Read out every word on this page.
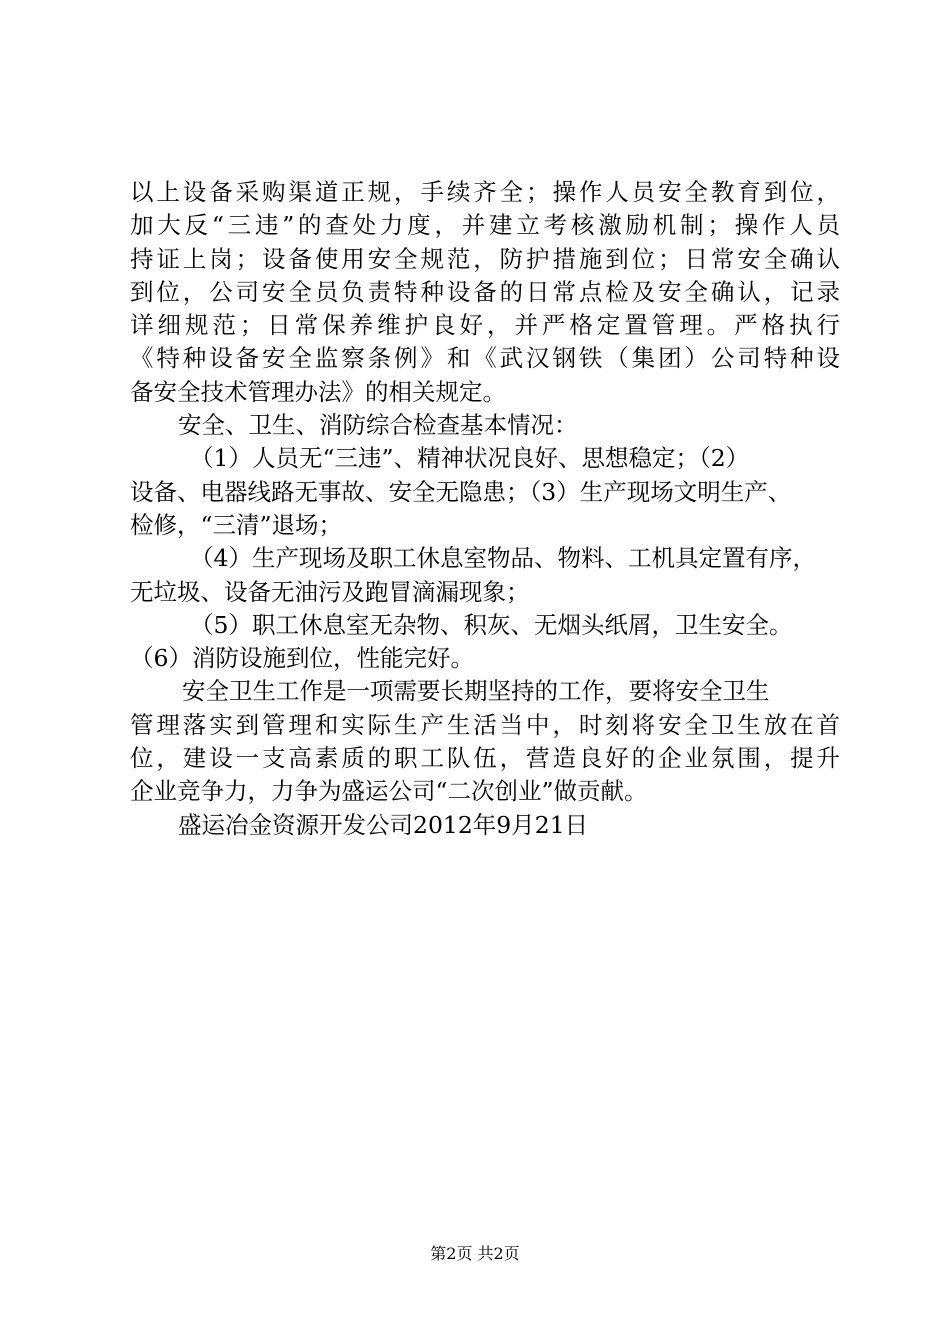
以上设备采购渠道正规，手续齐全；操作人员安全教育到位，
加大反“三违”的查处力度，并建立考核激励机制；操作人员
持证上岗；设备使用安全规范，防护措施到位；日常安全确认
到位，公司安全员负责特种设备的日常点检及安全确认，记录
详细规范；日常保养维护良好，并严格定置管理。严格执行
《特种设备安全监察条例》和《武汉钢铁（集团）公司特种设
备安全技术管理办法》的相关规定。
安全、卫生、消防综合检查基本情况：
（1）人员无“三违”、精神状况良好、思想稳定；（2）
设备、电器线路无事故、安全无隐患；（3）生产现场文明生产、
检修，“三清”退场；
（4）生产现场及职工休息室物品、物料、工机具定置有序，
无垃圾、设备无油污及跑冒滴漏现象；
（5）职工休息室无杂物、积灰、无烟头纸屑，卫生安全。
（6）消防设施到位，性能完好。
安全卫生工作是一项需要长期坚持的工作，要将安全卫生
管理落实到管理和实际生产生活当中，时刻将安全卫生放在首
位，建设一支高素质的职工队伍，营造良好的企业氛围，提升
企业竞争力，力争为盛运公司“二次创业”做贡献。
盛运冶金资源开发公司2012年9月21日
第2页 共2页
